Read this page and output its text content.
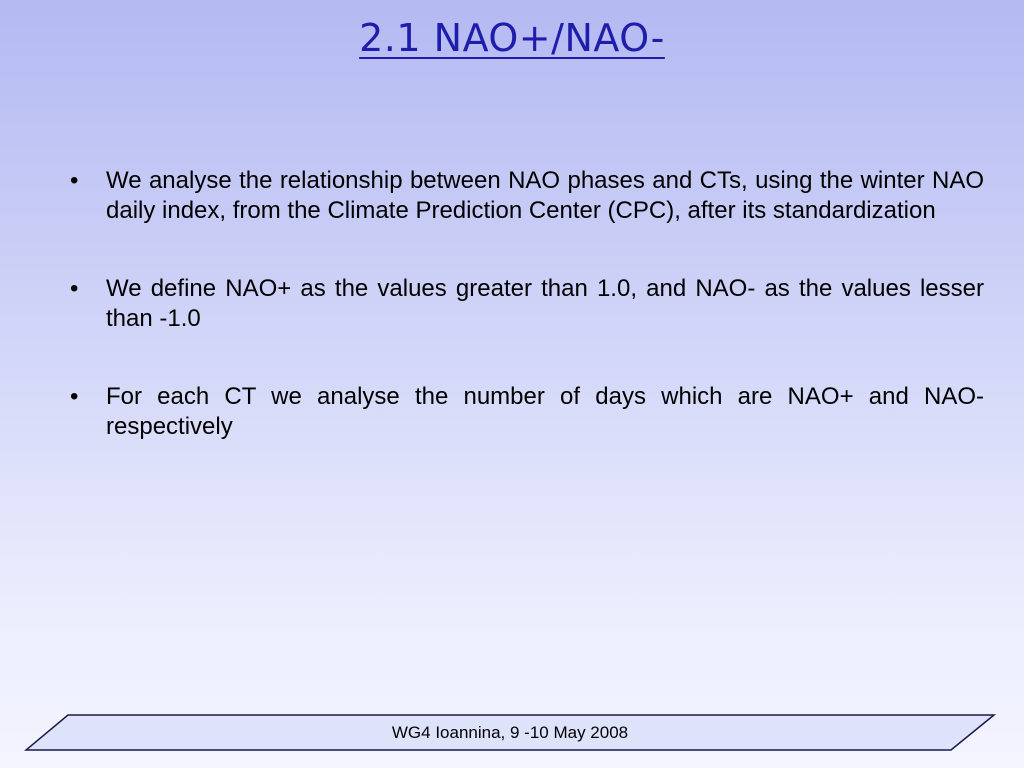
2.1 NAO+/NAO-
•	We analyse the relationship between NAO phases and CTs, using the winter NAO daily index, from the Climate Prediction Center (CPC), after its standardization
•	We define NAO+ as the values greater than 1.0, and NAO- as the values lesser than -1.0
•	For each CT we analyse the number of days which are NAO+ and NAO- respectively
WG4 Ioannina, 9 -10 May 2008
